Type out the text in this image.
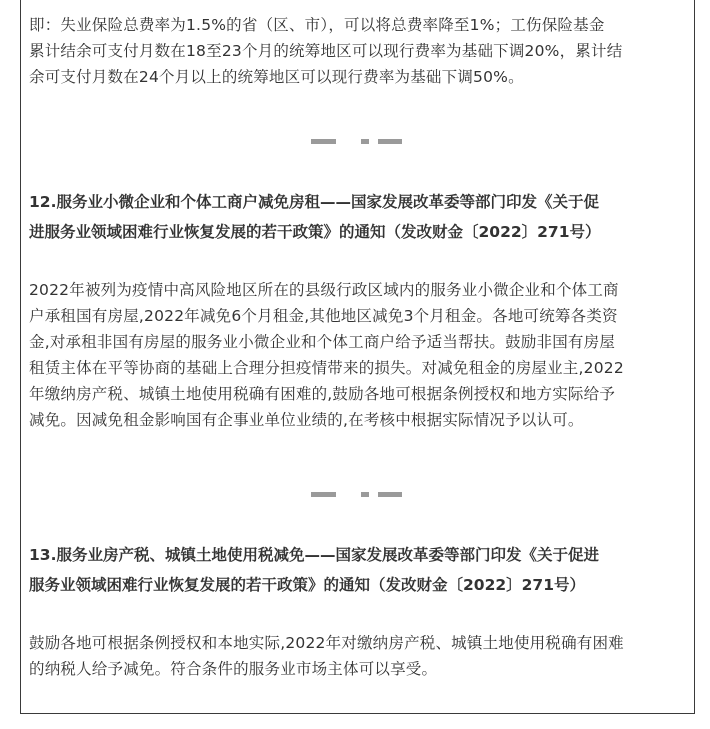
即：失业保险总费率为1.5%的省（区、市），可以将总费率降至1%；工伤保险基金
累计结余可支付月数在18至23个月的统筹地区可以现行费率为基础下调20%，累计结
余可支付月数在24个月以上的统筹地区可以现行费率为基础下调50%。

12.服务业小微企业和个体工商户减免房租——国家发展改革委等部门印发《关于促
进服务业领域困难行业恢复发展的若干政策》的通知（发改财金〔2022〕271号）

2022年被列为疫情中高风险地区所在的县级行政区域内的服务业小微企业和个体工商
户承租国有房屋,2022年减免6个月租金,其他地区减免3个月租金。各地可统筹各类资
金,对承租非国有房屋的服务业小微企业和个体工商户给予适当帮扶。鼓励非国有房屋
租赁主体在平等协商的基础上合理分担疫情带来的损失。对减免租金的房屋业主,2022
年缴纳房产税、城镇土地使用税确有困难的,鼓励各地可根据条例授权和地方实际给予
减免。因减免租金影响国有企事业单位业绩的,在考核中根据实际情况予以认可。

13.服务业房产税、城镇土地使用税减免——国家发展改革委等部门印发《关于促进
服务业领域困难行业恢复发展的若干政策》的通知（发改财金〔2022〕271号）

鼓励各地可根据条例授权和本地实际,2022年对缴纳房产税、城镇土地使用税确有困难
的纳税人给予减免。符合条件的服务业市场主体可以享受。
